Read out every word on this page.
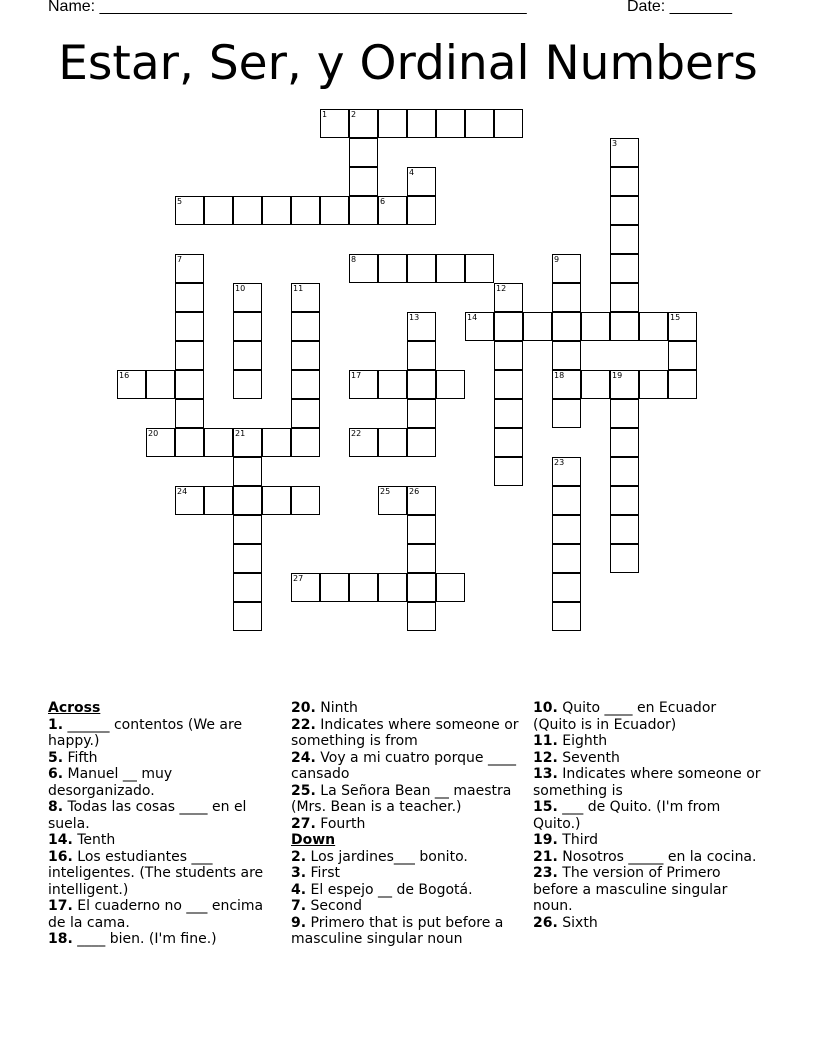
Name: ________________________________________________	Date: _______
Estar, Ser, y Ordinal Numbers
1	2
5	6
8
14
16	17	18	19
20	21	22
24	25 26
27
3
4
7	9
10	11	12
13	15
23
Across
1. ______ contentos (We are happy.)
5. Fifth
6. Manuel __ muy desorganizado.
8. Todas las cosas ____ en el suela.
14. Tenth
16. Los estudiantes ___ inteligentes. (The students are intelligent.)
17. El cuaderno no ___ encima de la cama.
18. ____ bien. (I'm fine.)
20. Ninth
22. Indicates where someone or something is from
24. Voy a mi cuatro porque ____ cansado
25. La Señora Bean __ maestra (Mrs. Bean is a teacher.)
27. Fourth
Down
2. Los jardines___ bonito.
3. First
4. El espejo __ de Bogotá.
7. Second
9. Primero that is put before a masculine singular noun
10. Quito ____ en Ecuador (Quito is in Ecuador)
11. Eighth
12. Seventh
13. Indicates where someone or something is
15. ___ de Quito. (I'm from Quito.)
19. Third
21. Nosotros _____ en la cocina.
23. The version of Primero before a masculine singular noun.
26. Sixth
